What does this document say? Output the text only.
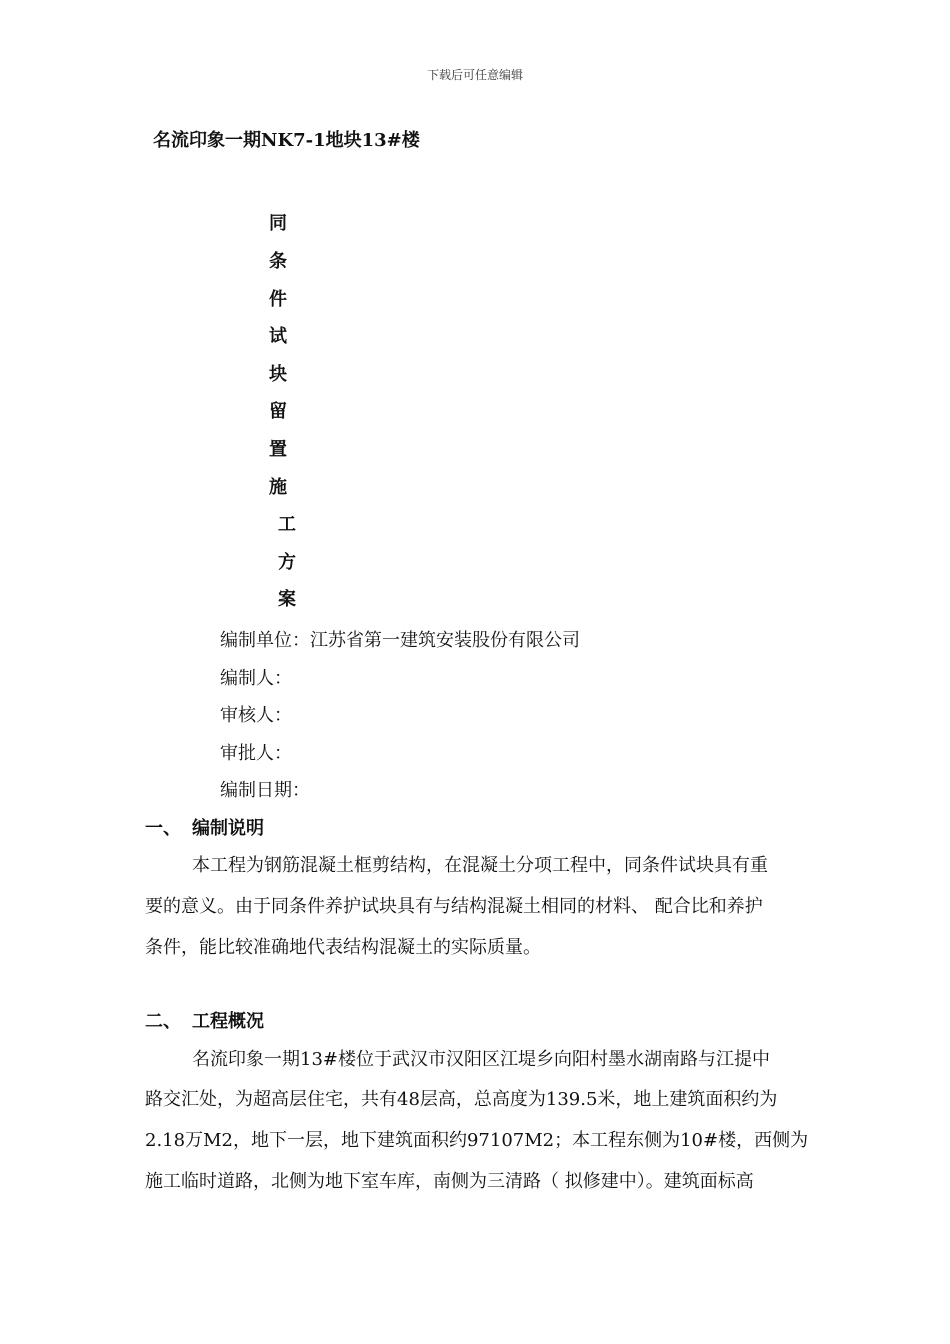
下载后可任意编辑
名流印象一期NK7-1地块13#楼
同
条
件
试
块
留
置
施
工
方
案
编制单位：江苏省第一建筑安装股份有限公司
编制人：
审核人：
审批人：
编制日期：
一、 编制说明
本工程为钢筋混凝土框剪结构，在混凝土分项工程中，同条件试块具有重
要的意义。由于同条件养护试块具有与结构混凝土相同的材料、 配合比和养护
条件，能比较准确地代表结构混凝土的实际质量。
二、 工程概况
名流印象一期13#楼位于武汉市汉阳区江堤乡向阳村墨水湖南路与江提中
路交汇处，为超高层住宅，共有48层高，总高度为139.5米，地上建筑面积约为
2.18万M2，地下一层，地下建筑面积约97107M2；本工程东侧为10#楼，西侧为
施工临时道路，北侧为地下室车库，南侧为三清路（ 拟修建中）。建筑面标高
